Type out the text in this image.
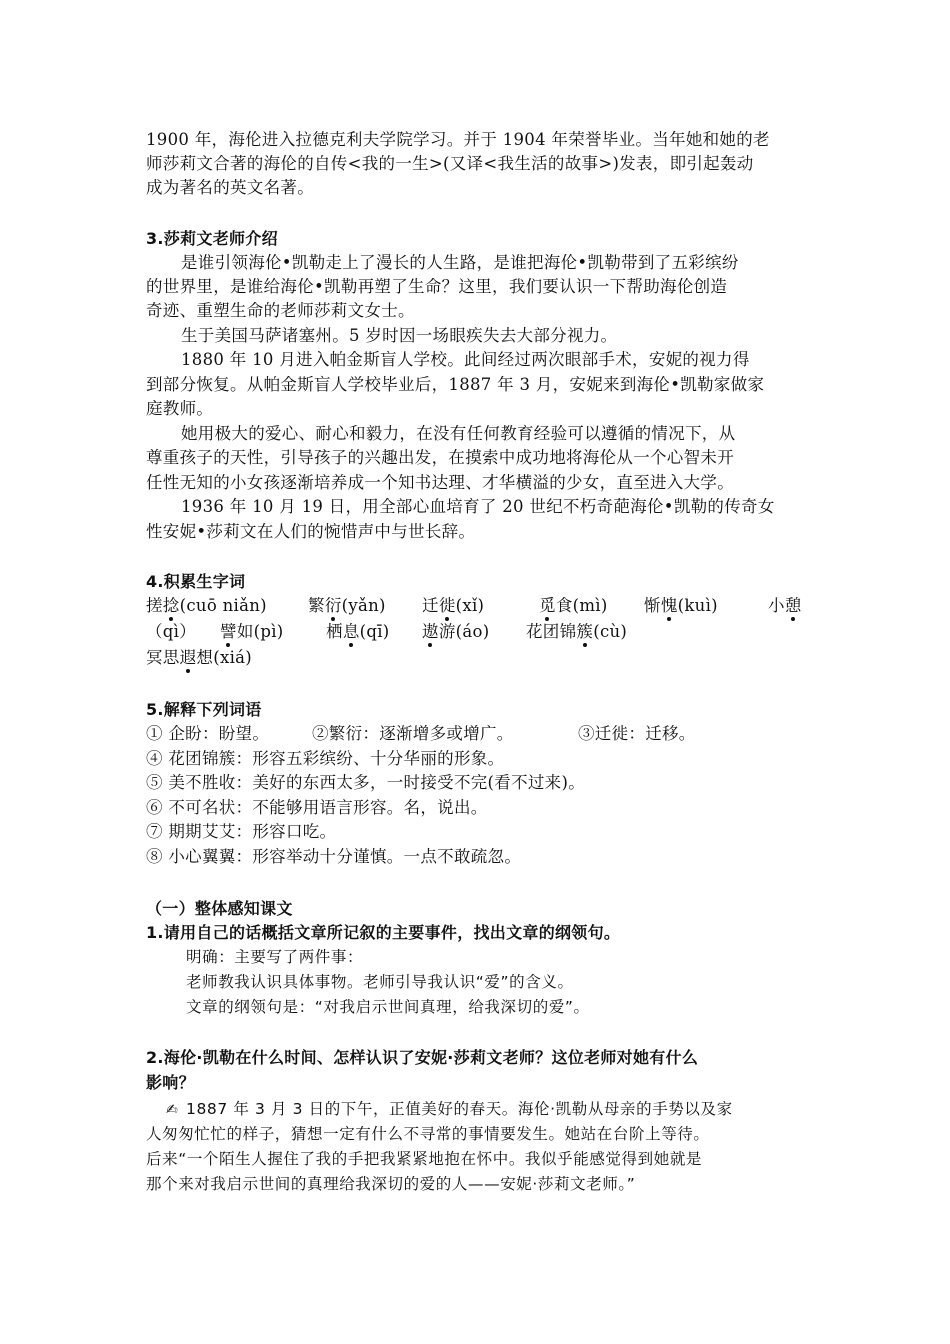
1900 年，海伦进入拉德克利夫学院学习。并于 1904 年荣誉毕业。当年她和她的老
师莎莉文合著的海伦的自传<我的一生>(又译<我生活的故事>)发表，即引起轰动
成为著名的英文名著。
3.莎莉文老师介绍
是谁引领海伦•凯勒走上了漫长的人生路，是谁把海伦•凯勒带到了五彩缤纷
的世界里，是谁给海伦•凯勒再塑了生命？这里，我们要认识一下帮助海伦创造
奇迹、重塑生命的老师莎莉文女士。
生于美国马萨诸塞州。5 岁时因一场眼疾失去大部分视力。
1880 年 10 月进入帕金斯盲人学校。此间经过两次眼部手术，安妮的视力得
到部分恢复。从帕金斯盲人学校毕业后，1887 年 3 月，安妮来到海伦•凯勒家做家
庭教师。
她用极大的爱心、耐心和毅力，在没有任何教育经验可以遵循的情况下，从
尊重孩子的天性，引导孩子的兴趣出发，在摸索中成功地将海伦从一个心智未开
任性无知的小女孩逐渐培养成一个知书达理、才华横溢的少女，直至进入大学。
1936 年 10 月 19 日，用全部心血培育了 20 世纪不朽奇葩海伦•凯勒的传奇女
性安妮•莎莉文在人们的惋惜声中与世长辞。
4.积累生字词
搓捻(cuō niǎn) 繁衍(yǎn) 迁徙(xǐ)	觅食(mì) 惭愧(kuì)	小憩
（qì） 譬如(pì)	栖息(qī) 遨游(áo) 花团锦簇(cù)
冥思遐想(xiá)
5.解释下列词语
① 企盼：盼望。	②繁衍：逐渐增多或增广。	③迁徙：迁移。
④ 花团锦簇：形容五彩缤纷、十分华丽的形象。
⑤ 美不胜收：美好的东西太多，一时接受不完(看不过来)。
⑥ 不可名状：不能够用语言形容。名，说出。
⑦ 期期艾艾：形容口吃。
⑧ 小心翼翼：形容举动十分谨慎。一点不敢疏忽。
（一）整体感知课文
1.请用自己的话概括文章所记叙的主要事件，找出文章的纲领句。
明确：主要写了两件事：
老师教我认识具体事物。老师引导我认识“爱”的含义。
文章的纲领句是：“对我启示世间真理，给我深切的爱”。
2.海伦·凯勒在什么时间、怎样认识了安妮·莎莉文老师？这位老师对她有什么
影响？
✍ 1887 年 3 月 3 日的下午，正值美好的春天。海伦·凯勒从母亲的手势以及家
人匆匆忙忙的样子，猜想一定有什么不寻常的事情要发生。她站在台阶上等待。
后来“一个陌生人握住了我的手把我紧紧地抱在怀中。我似乎能感觉得到她就是
那个来对我启示世间的真理给我深切的爱的人——安妮·莎莉文老师。”
